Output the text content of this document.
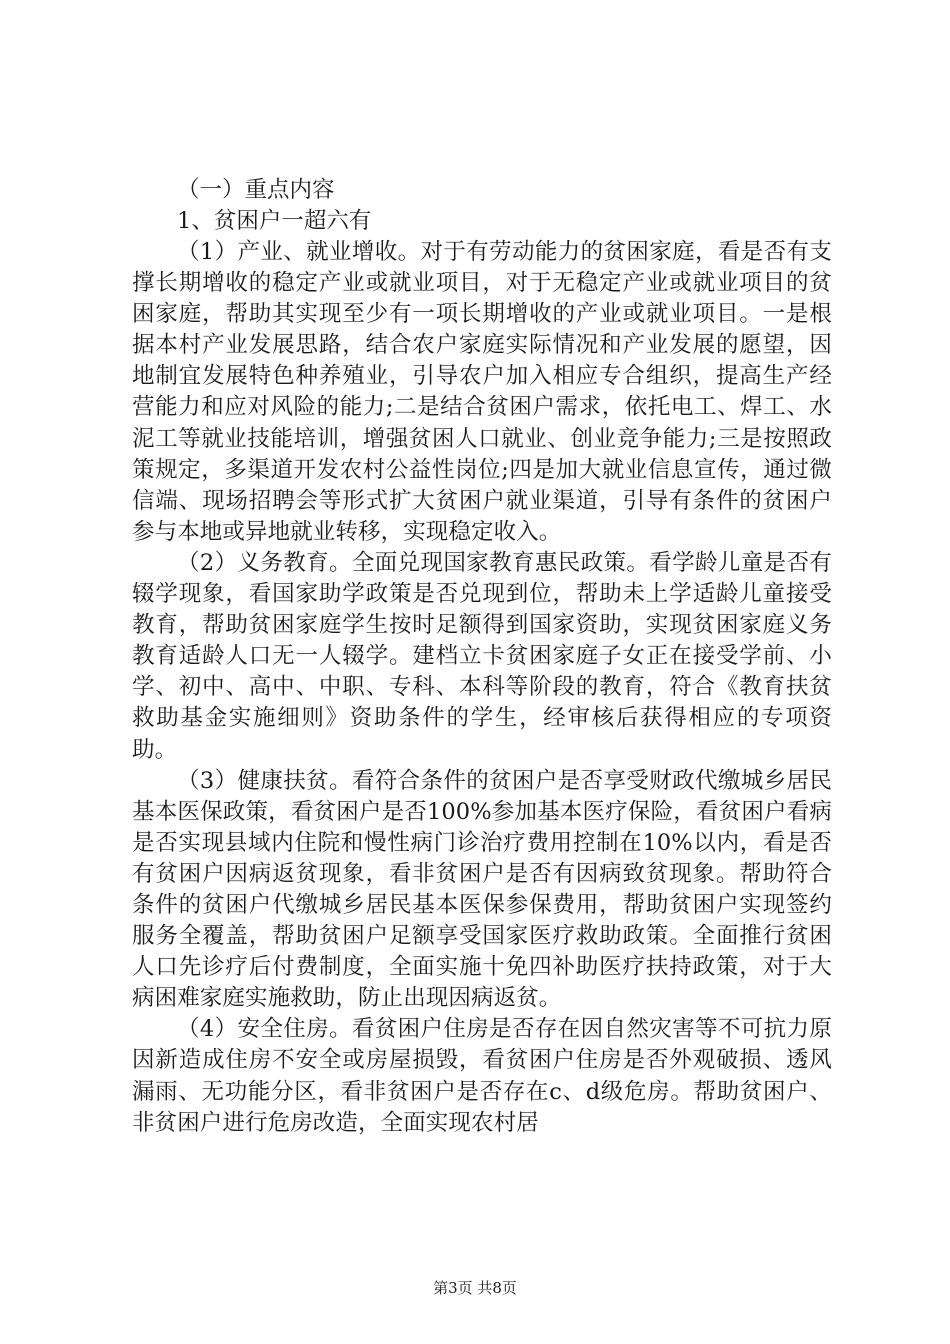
（一）重点内容

1、贫困户一超六有

（1）产业、就业增收。对于有劳动能力的贫困家庭，看是否有支撑长期增收的稳定产业或就业项目，对于无稳定产业或就业项目的贫困家庭，帮助其实现至少有一项长期增收的产业或就业项目。一是根据本村产业发展思路，结合农户家庭实际情况和产业发展的愿望，因地制宜发展特色种养殖业，引导农户加入相应专合组织，提高生产经营能力和应对风险的能力;二是结合贫困户需求，依托电工、焊工、水泥工等就业技能培训，增强贫困人口就业、创业竞争能力;三是按照政策规定，多渠道开发农村公益性岗位;四是加大就业信息宣传，通过微信端、现场招聘会等形式扩大贫困户就业渠道，引导有条件的贫困户参与本地或异地就业转移，实现稳定收入。

（2）义务教育。全面兑现国家教育惠民政策。看学龄儿童是否有辍学现象，看国家助学政策是否兑现到位，帮助未上学适龄儿童接受教育，帮助贫困家庭学生按时足额得到国家资助，实现贫困家庭义务教育适龄人口无一人辍学。建档立卡贫困家庭子女正在接受学前、小学、初中、高中、中职、专科、本科等阶段的教育，符合《教育扶贫救助基金实施细则》资助条件的学生，经审核后获得相应的专项资助。

（3）健康扶贫。看符合条件的贫困户是否享受财政代缴城乡居民基本医保政策，看贫困户是否100%参加基本医疗保险，看贫困户看病是否实现县域内住院和慢性病门诊治疗费用控制在10%以内，看是否有贫困户因病返贫现象，看非贫困户是否有因病致贫现象。帮助符合条件的贫困户代缴城乡居民基本医保参保费用，帮助贫困户实现签约服务全覆盖，帮助贫困户足额享受国家医疗救助政策。全面推行贫困人口先诊疗后付费制度，全面实施十免四补助医疗扶持政策，对于大病困难家庭实施救助，防止出现因病返贫。

（4）安全住房。看贫困户住房是否存在因自然灾害等不可抗力原因新造成住房不安全或房屋损毁，看贫困户住房是否外观破损、透风漏雨、无功能分区，看非贫困户是否存在c、d级危房。帮助贫困户、非贫困户进行危房改造，全面实现农村居

第3页 共8页
